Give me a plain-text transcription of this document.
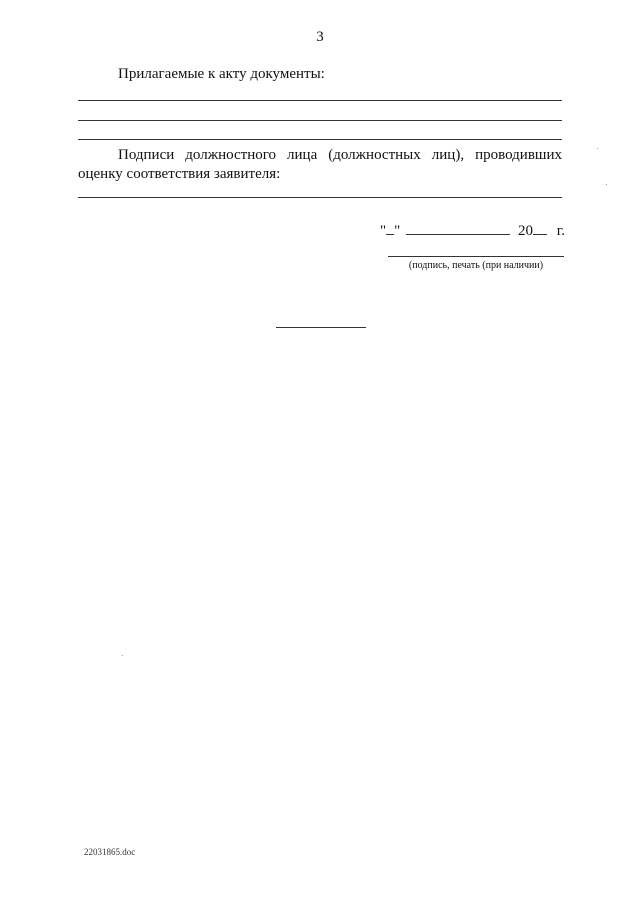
3
Прилагаемые к акту документы:
Подписи должностного лица (должностных лиц), проводивших
оценку соответствия заявителя:
" "	20 г.
(подпись, печать (при наличии)
22031865.doc
